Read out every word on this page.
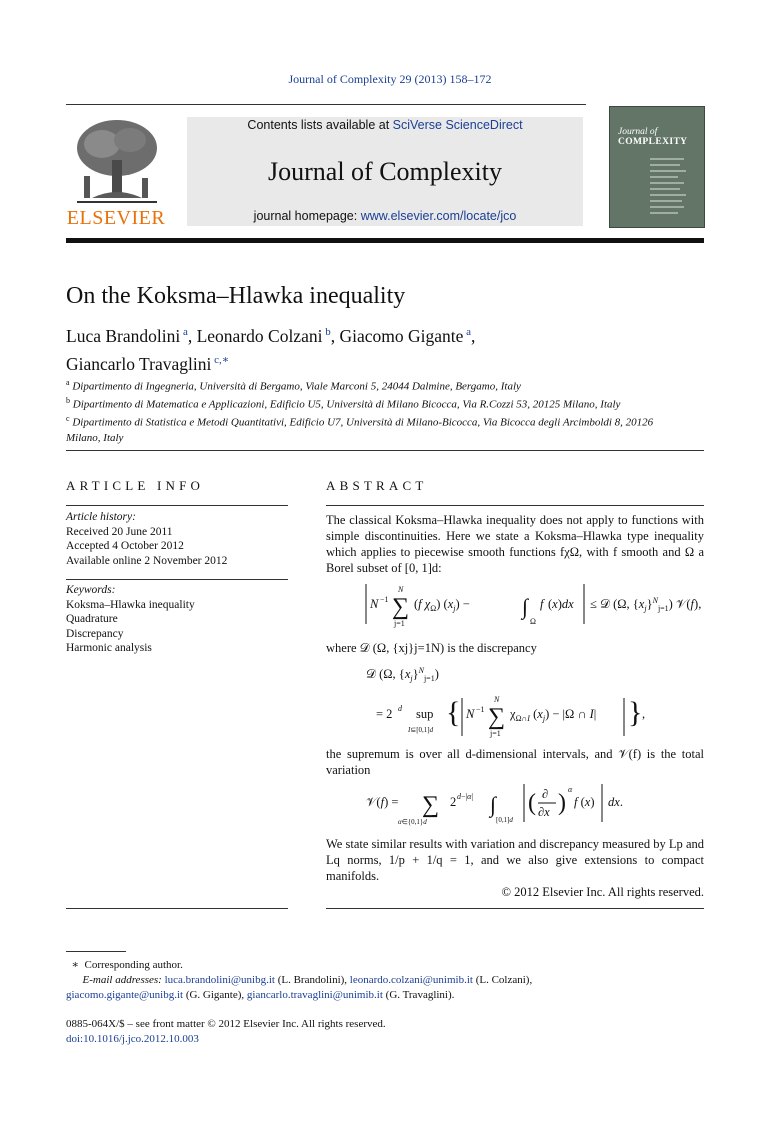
Journal of Complexity 29 (2013) 158–172
ELSEVIER
Contents lists available at SciVerse ScienceDirect
Journal of Complexity
journal homepage: www.elsevier.com/locate/jco
Journal of
COMPLEXITY
On the Koksma–Hlawka inequality
Luca Brandolini $^a$, Leonardo Colzani $^b$, Giacomo Gigante $^a$,
Giancarlo Travaglini $^{c,∗}$
$^a$ Dipartimento di Ingegneria, Università di Bergamo, Viale Marconi 5, 24044 Dalmine, Bergamo, Italy
$^b$ Dipartimento di Matematica e Applicazioni, Edificio U5, Università di Milano Bicocca, Via R.Cozzi 53, 20125 Milano, Italy
$^c$ Dipartimento di Statistica e Metodi Quantitativi, Edificio U7, Università di Milano-Bicocca, Via Bicocca degli Arcimboldi 8, 20126 Milano, Italy
ARTICLE INFO
Article history:
Received 20 June 2011
Accepted 4 October 2012
Available online 2 November 2012
Keywords:
Koksma–Hlawka inequality
Quadrature
Discrepancy
Harmonic analysis
ABSTRACT

The classical Koksma–Hlawka inequality does not apply to functions with simple discontinuities. Here we state a Koksma–Hlawka type inequality which applies to piecewise smooth functions fχΩ, with f smooth and Ω a Borel subset of [0, 1]d:

N −1 ∑
N
j=1
(f $\chi_\Omega$) $(x_j)$ − ∫
Ω
f (x)dx ≤ 𝒟 (Ω, $\{x_j\}^N_{j=1}$) 𝒱(f),

where 𝒟 (Ω, {xj}j=1N) is the discrepancy

𝒟 (Ω, $\{x_j\}^N_{j=1}$)
= 2 d sup
I⊆[0,1]d
{ N −1 ∑
N
j=1
$\chi_{\Omega\cap I}$ $(x_j) - |\Omega$ ∩ I| } ,

the supremum is over all d-dimensional intervals, and 𝒱(f) is the total variation

𝒱(f) = ∑
α∈{0,1}d
2 d−|α| ∫
[0,1]d
( ∂
∂x )
α
f (x) dx.

We state similar results with variation and discrepancy measured by Lp and Lq norms, 1/p + 1/q = 1, and we also give extensions to compact manifolds.

© 2012 Elsevier Inc. All rights reserved.

∗ Corresponding author.
E-mail addresses: luca.brandolini@unibg.it (L. Brandolini), leonardo.colzani@unimib.it (L. Colzani),
giacomo.gigante@unibg.it (G. Gigante), giancarlo.travaglini@unimib.it (G. Travaglini).
0885-064X/$ – see front matter © 2012 Elsevier Inc. All rights reserved.
doi:10.1016/j.jco.2012.10.003
